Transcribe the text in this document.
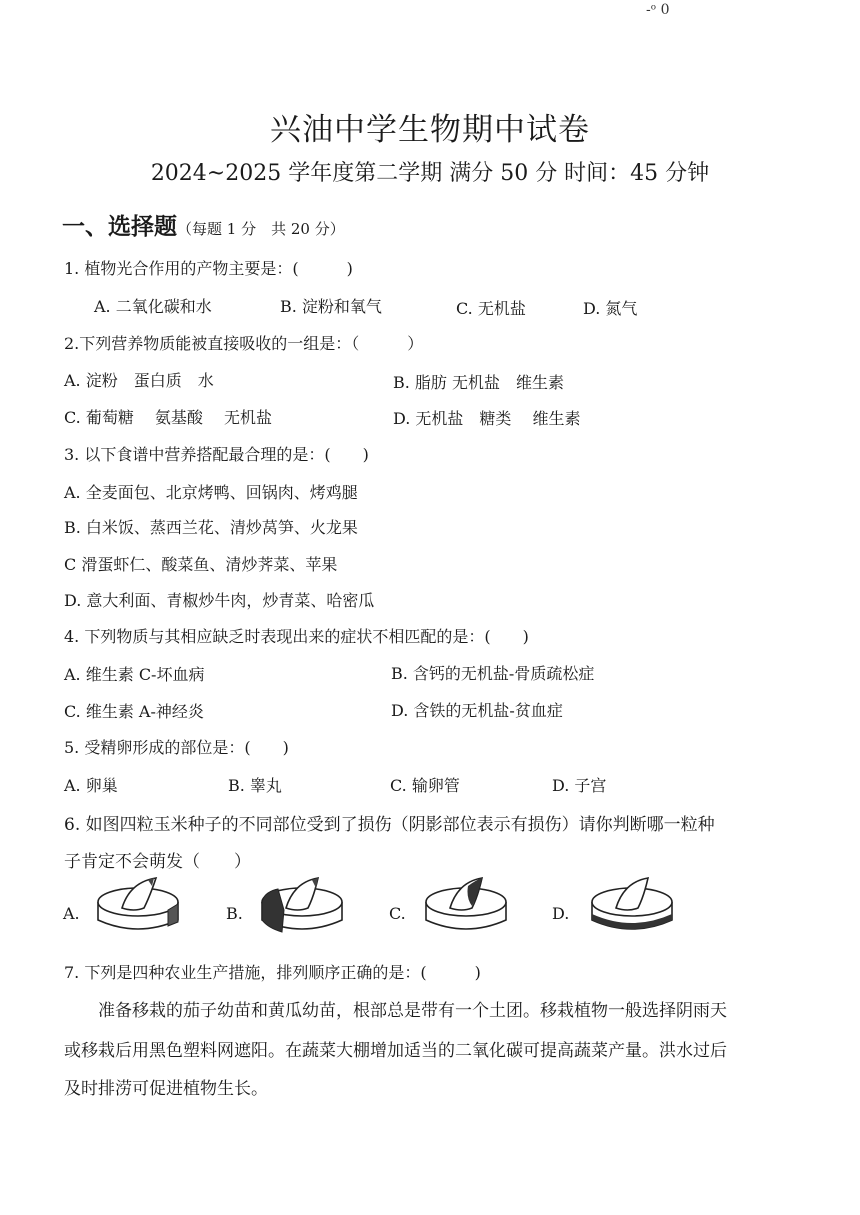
-ᵒ 0
兴油中学生物期中试卷
2024~2025 学年度第二学期 满分 50 分 时间：45 分钟
一、选择题（每题 1 分　共 20 分）
1. 植物光合作用的产物主要是：(　　　)
A. 二氧化碳和水	B. 淀粉和氧气	C. 无机盐	D. 氮气
2.下列营养物质能被直接吸收的一组是：（　　　）
A. 淀粉　蛋白质　水	B. 脂肪 无机盐　维生素
C. 葡萄糖　 氨基酸　 无机盐	D. 无机盐　糖类　 维生素
3. 以下食谱中营养搭配最合理的是：(　　)
A. 全麦面包、北京烤鸭、回锅肉、烤鸡腿
B. 白米饭、蒸西兰花、清炒莴笋、火龙果
C 滑蛋虾仁、酸菜鱼、清炒荠菜、苹果
D. 意大利面、青椒炒牛肉，炒青菜、哈密瓜
4. 下列物质与其相应缺乏时表现出来的症状不相匹配的是：(　　)
A. 维生素 C-坏血病	B. 含钙的无机盐-骨质疏松症
C. 维生素 A-神经炎	D. 含铁的无机盐-贫血症
5. 受精卵形成的部位是：(　　)
A. 卵巢	B. 睾丸	C. 输卵管	D. 子宫
6. 如图四粒玉米种子的不同部位受到了损伤（阴影部位表示有损伤）请你判断哪一粒种
子肯定不会萌发（　　）
A.	B.	C.	D.
7. 下列是四种农业生产措施，排列顺序正确的是：(　　　)
准备移栽的茄子幼苗和黄瓜幼苗，根部总是带有一个土团。移栽植物一般选择阴雨天
或移栽后用黑色塑料网遮阳。在蔬菜大棚增加适当的二氧化碳可提高蔬菜产量。洪水过后
及时排涝可促进植物生长。
